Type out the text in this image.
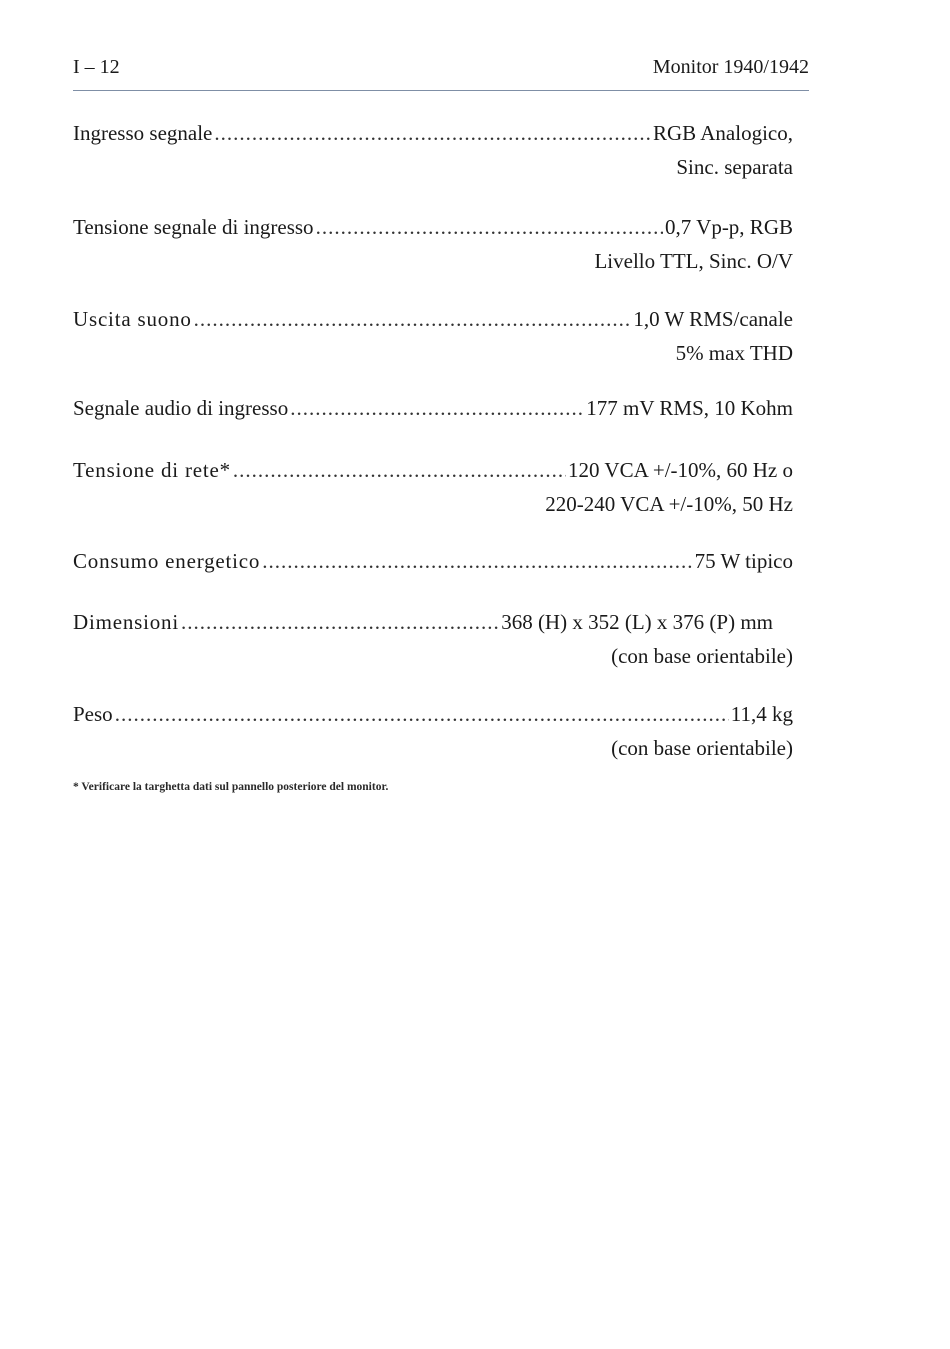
I – 12	Monitor 1940/1942
Ingresso segnale .....	RGB Analogico,
Sinc. separata
Tensione segnale di ingresso .....	0,7 Vp-p, RGB
Livello TTL, Sinc. O/V
Uscita suono .....	1,0 W RMS/canale
5% max THD
Segnale audio di ingresso .....	177 mV RMS, 10 Kohm
Tensione di rete* .....	120 VCA +/-10%, 60 Hz o
220-240 VCA +/-10%, 50 Hz
Consumo energetico .....	75 W tipico
Dimensioni .....	368 (H) x 352 (L) x 376 (P) mm
(con base orientabile)
Peso .....	11,4 kg
(con base orientabile)
* Verificare la targhetta dati sul pannello posteriore del monitor.
